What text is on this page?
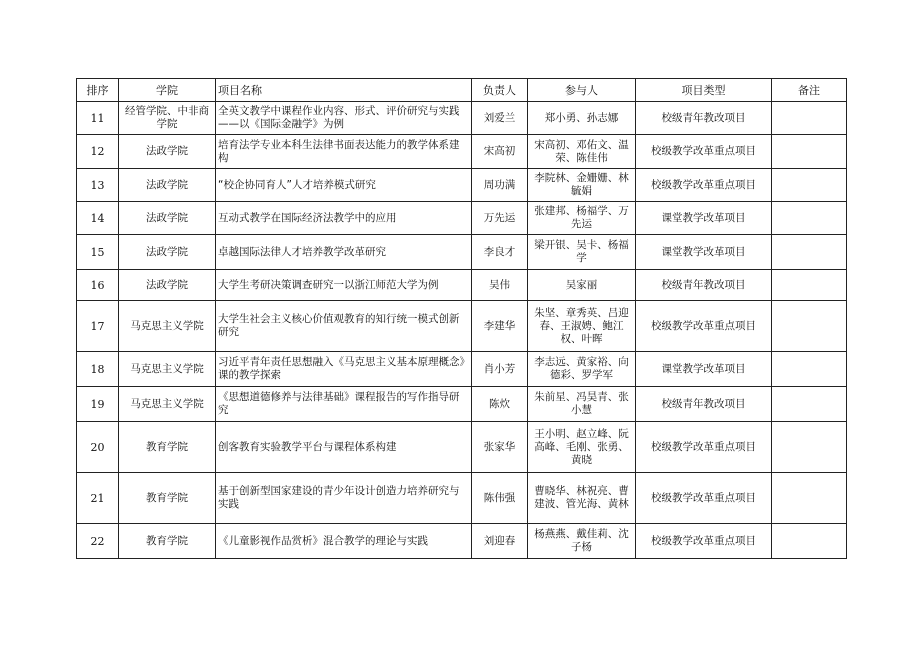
排序	学院	项目名称	负责人	参与人	项目类型	备注
11	经管学院、中非商学院	全英文教学中课程作业内容、形式、评价研究与实践——以《国际金融学》为例	刘爱兰	郑小勇、孙志娜	校级青年教改项目	
12	法政学院	培育法学专业本科生法律书面表达能力的教学体系建构	宋高初	宋高初、邓佑文、温荣、陈佳伟	校级教学改革重点项目	
13	法政学院	“校企协同育人”人才培养模式研究	周功满	李院林、金姗姗、林毓娟	校级教学改革重点项目	
14	法政学院	互动式教学在国际经济法教学中的应用	万先运	张建邦、杨福学、万先运	课堂教学改革项目	
15	法政学院	卓越国际法律人才培养教学改革研究	李良才	梁开银、吴卡、杨福学	课堂教学改革项目	
16	法政学院	大学生考研决策调查研究一以浙江师范大学为例	吴伟	吴家丽	校级青年教改项目	
17	马克思主义学院	大学生社会主义核心价值观教育的知行统一模式创新研究	李建华	朱坚、章秀英、吕迎春、王淑娉、鲍江权、叶晖	校级教学改革重点项目	
18	马克思主义学院	习近平青年责任思想融入《马克思主义基本原理概念》课的教学探索	肖小芳	李志远、黄家裕、向德彩、罗学军	课堂教学改革项目	
19	马克思主义学院	《思想道德修养与法律基础》课程报告的写作指导研究	陈炊	朱前星、冯昊青、张小慧	校级青年教改项目	
20	教育学院	创客教育实验教学平台与课程体系构建	张家华	王小明、赵立峰、阮高峰、毛刚、张勇、黄晓	校级教学改革重点项目	
21	教育学院	基于创新型国家建设的青少年设计创造力培养研究与实践	陈伟强	曹晓华、林祝亮、曹建波、管光海、黄林	校级教学改革重点项目	
22	教育学院	《儿童影视作品赏析》混合教学的理论与实践	刘迎春	杨燕燕、戴佳莉、沈子杨	校级教学改革重点项目	
